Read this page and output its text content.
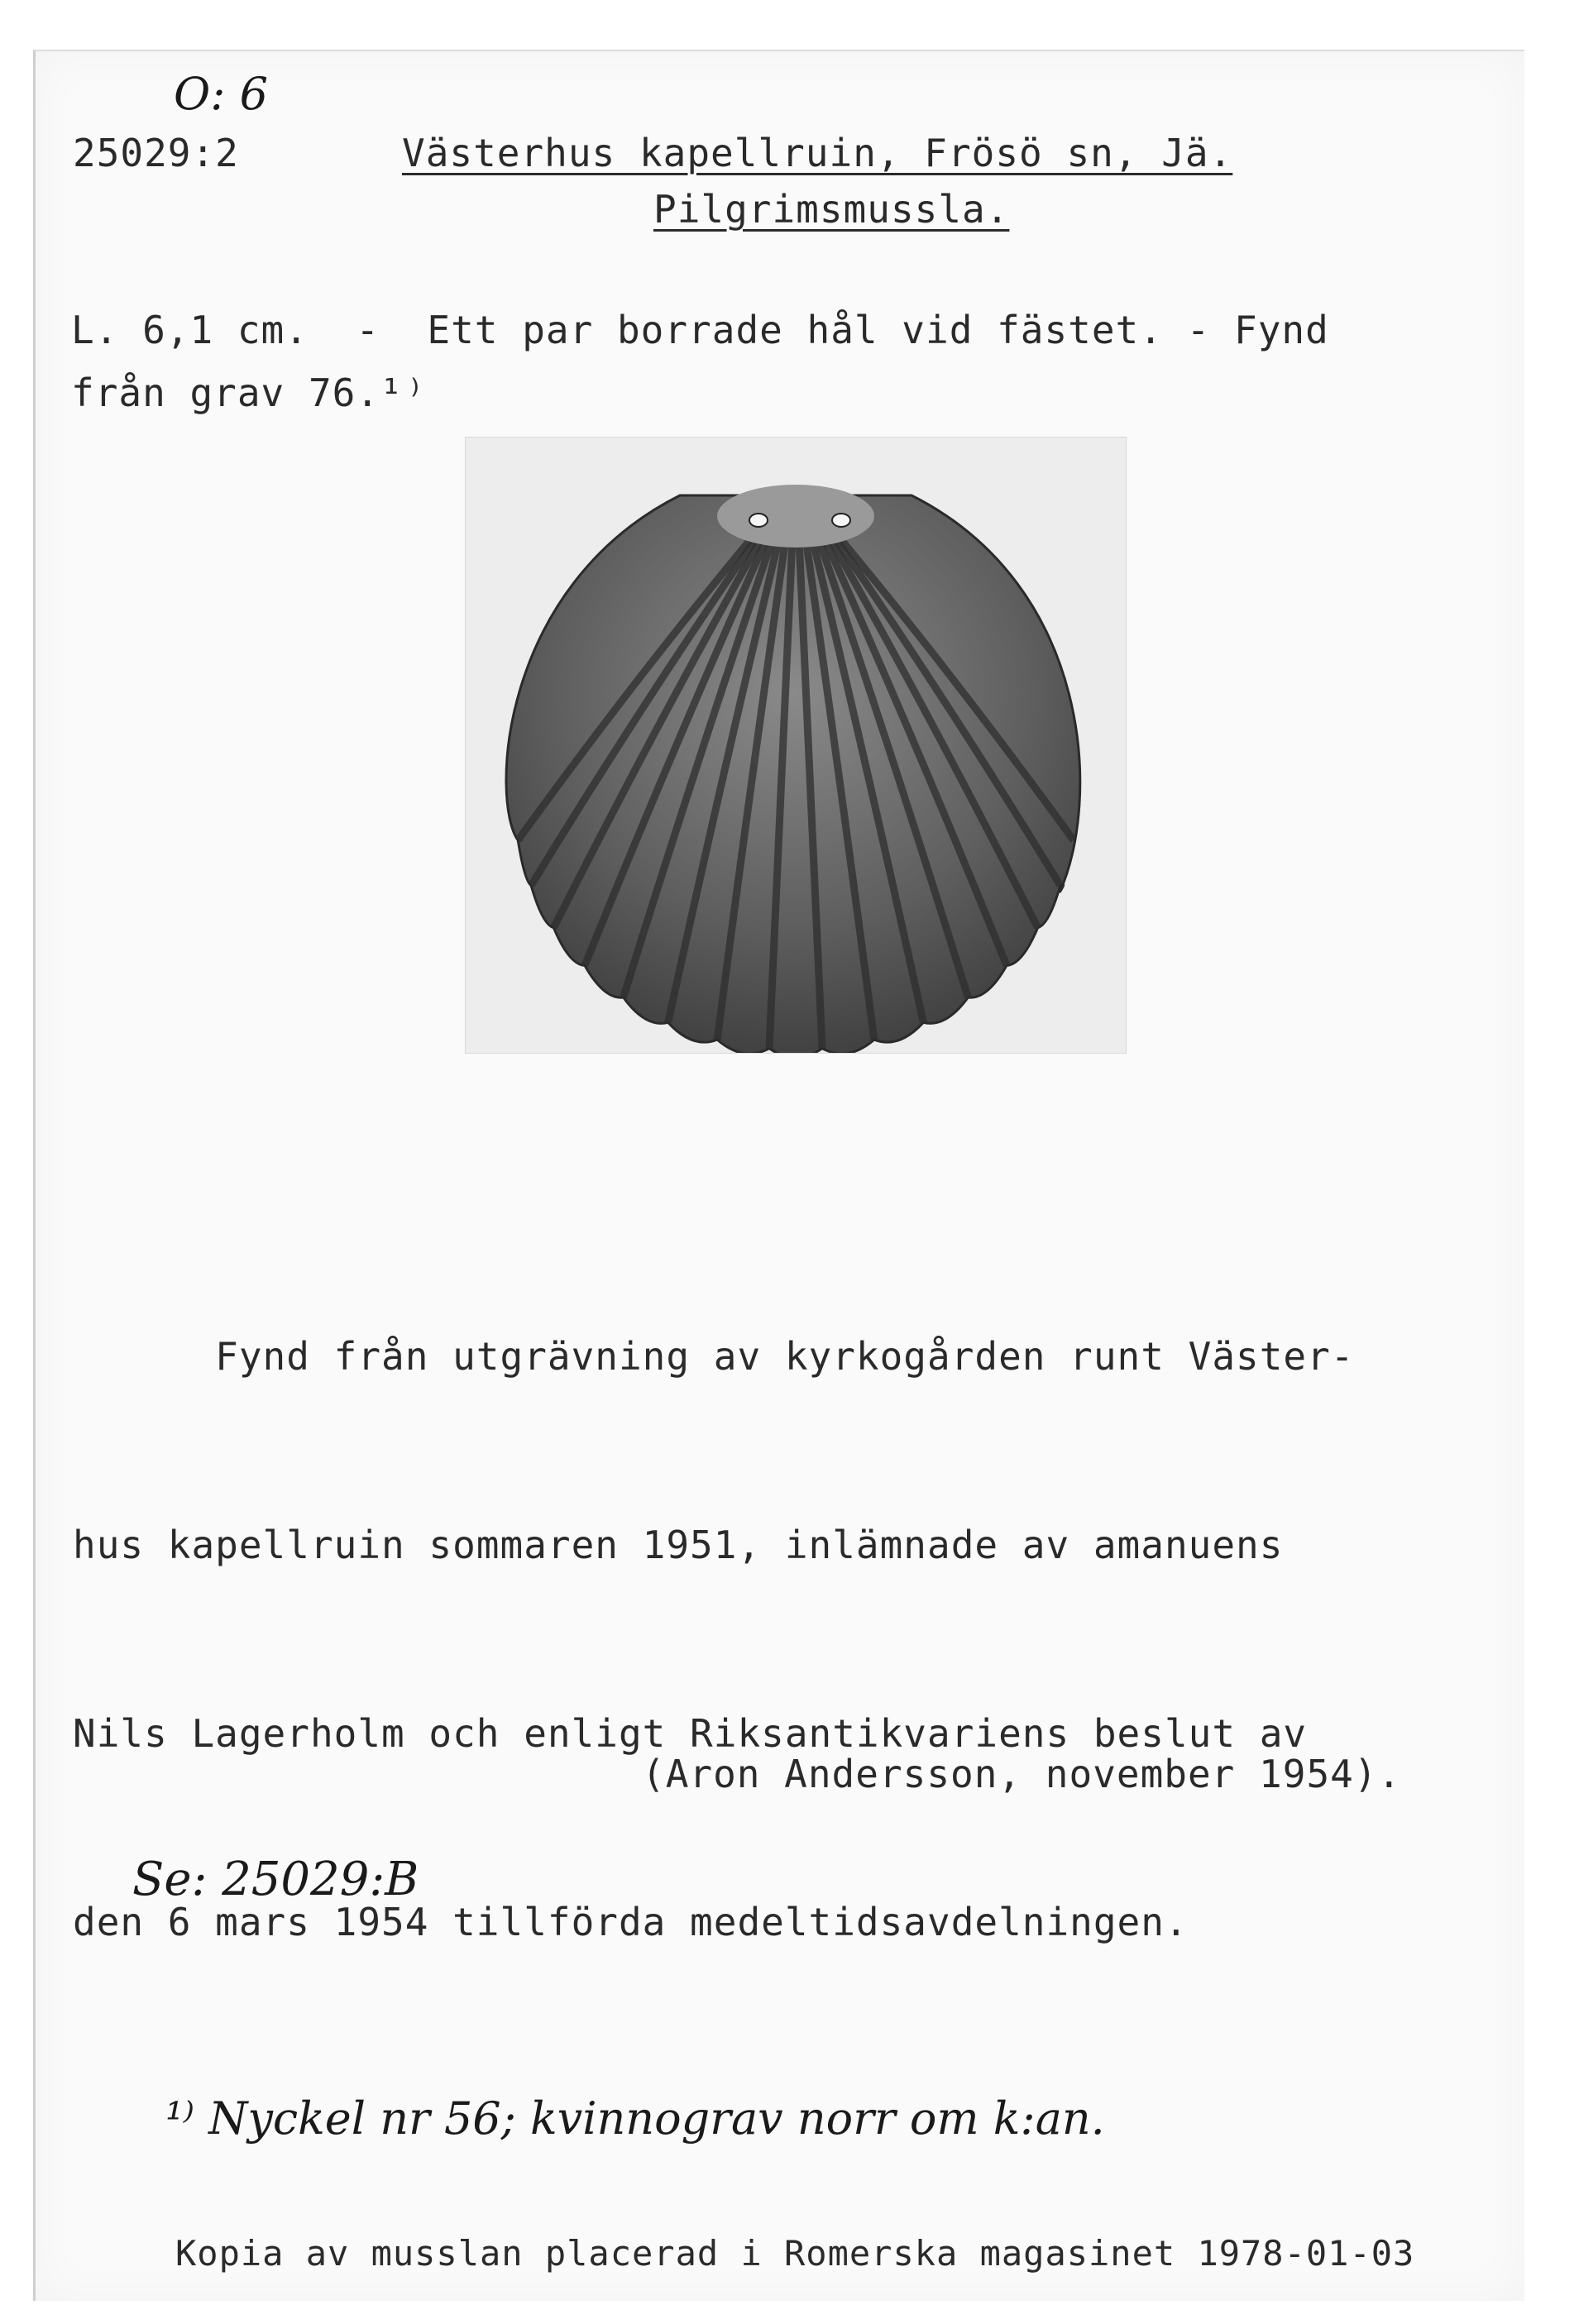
O: 6
25029:2	Västerhus kapellruin, Frösö sn, Jä.
Pilgrimsmussla.
L. 6,1 cm.  -  Ett par borrade hål vid fästet. - Fynd
från grav 76.¹⁾

Fynd från utgrävning av kyrkogården runt Väster-

hus kapellruin sommaren 1951, inlämnade av amanuens

Nils Lagerholm och enligt Riksantikvariens beslut av

den 6 mars 1954 tillförda medeltidsavdelningen.

(Aron Andersson, november 1954).
Se: 25029:B
¹⁾ Nyckel nr 56; kvinnograv norr om k:an.
Kopia av musslan placerad i Romerska magasinet 1978-01-03
